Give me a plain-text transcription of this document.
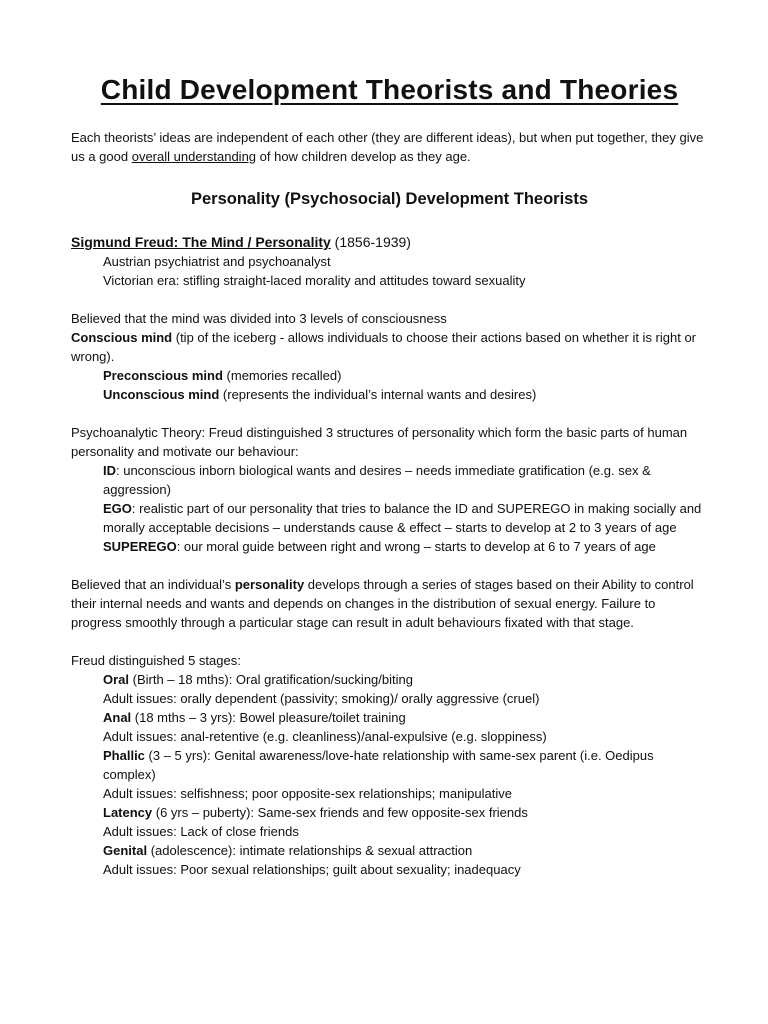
Child Development Theorists and Theories

Each theorists’ ideas are independent of each other (they are different ideas), but when put together, they give us a good overall understanding of how children develop as they age.

Personality (Psychosocial) Development Theorists

Sigmund Freud: The Mind / Personality (1856-1939)

Austrian psychiatrist and psychoanalyst

Victorian era: stifling straight-laced morality and attitudes toward sexuality

Believed that the mind was divided into 3 levels of consciousness

Conscious mind (tip of the iceberg - allows individuals to choose their actions based on whether it is right or wrong).

Preconscious mind (memories recalled)

Unconscious mind (represents the individual’s internal wants and desires)

Psychoanalytic Theory: Freud distinguished 3 structures of personality which form the basic parts of human personality and motivate our behaviour:

ID: unconscious inborn biological wants and desires – needs immediate gratification (e.g. sex & aggression)

EGO: realistic part of our personality that tries to balance the ID and SUPEREGO in making socially and morally acceptable decisions – understands cause & effect – starts to develop at 2 to 3 years of age

SUPEREGO: our moral guide between right and wrong – starts to develop at 6 to 7 years of age

Believed that an individual’s personality develops through a series of stages based on their Ability to control their internal needs and wants and depends on changes in the distribution of sexual energy. Failure to progress smoothly through a particular stage can result in adult behaviours fixated with that stage.

Freud distinguished 5 stages:

Oral (Birth – 18 mths): Oral gratification/sucking/biting

Adult issues: orally dependent (passivity; smoking)/ orally aggressive (cruel)

Anal (18 mths – 3 yrs): Bowel pleasure/toilet training

Adult issues: anal-retentive (e.g. cleanliness)/anal-expulsive (e.g. sloppiness)

Phallic (3 – 5 yrs): Genital awareness/love-hate relationship with same-sex parent (i.e. Oedipus complex)

Adult issues: selfishness; poor opposite-sex relationships; manipulative

Latency (6 yrs – puberty): Same-sex friends and few opposite-sex friends

Adult issues: Lack of close friends

Genital (adolescence): intimate relationships & sexual attraction

Adult issues: Poor sexual relationships; guilt about sexuality; inadequacy
